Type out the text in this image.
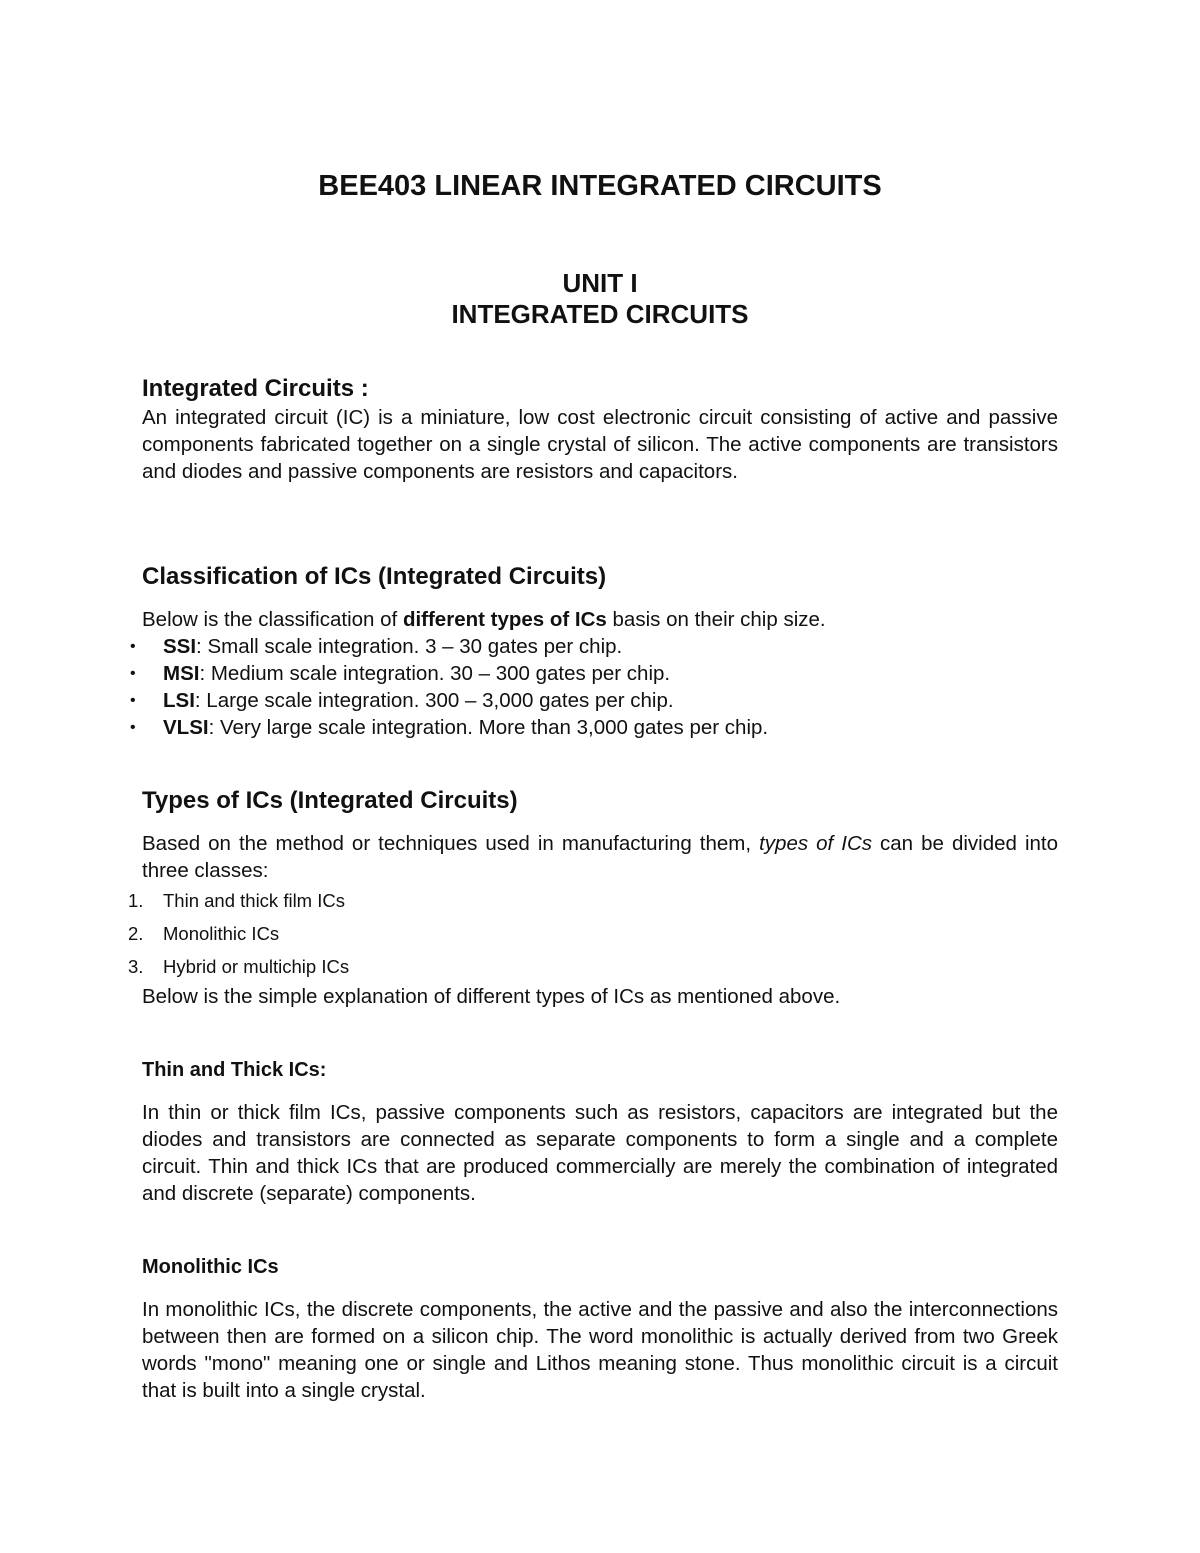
BEE403 LINEAR INTEGRATED CIRCUITS
UNIT I
INTEGRATED CIRCUITS
Integrated Circuits :

An integrated circuit (IC) is a miniature, low cost electronic circuit consisting of active and passive components fabricated together on a single crystal of silicon. The active components are transistors and diodes and passive components are resistors and capacitors.

Classification of ICs (Integrated Circuits)

Below is the classification of different types of ICs basis on their chip size.

• SSI: Small scale integration. 3 – 30 gates per chip.
• MSI: Medium scale integration. 30 – 300 gates per chip.
• LSI: Large scale integration. 300 – 3,000 gates per chip.
• VLSI: Very large scale integration. More than 3,000 gates per chip.
Types of ICs (Integrated Circuits)

Based on the method or techniques used in manufacturing them, types of ICs can be divided into three classes:

1. Thin and thick film ICs
2. Monolithic ICs
3. Hybrid or multichip ICs

Below is the simple explanation of different types of ICs as mentioned above.

Thin and Thick ICs:

In thin or thick film ICs, passive components such as resistors, capacitors are integrated but the diodes and transistors are connected as separate components to form a single and a complete circuit. Thin and thick ICs that are produced commercially are merely the combination of integrated and discrete (separate) components.

Monolithic ICs

In monolithic ICs, the discrete components, the active and the passive and also the interconnections between then are formed on a silicon chip. The word monolithic is actually derived from two Greek words "mono" meaning one or single and Lithos meaning stone. Thus monolithic circuit is a circuit that is built into a single crystal.
